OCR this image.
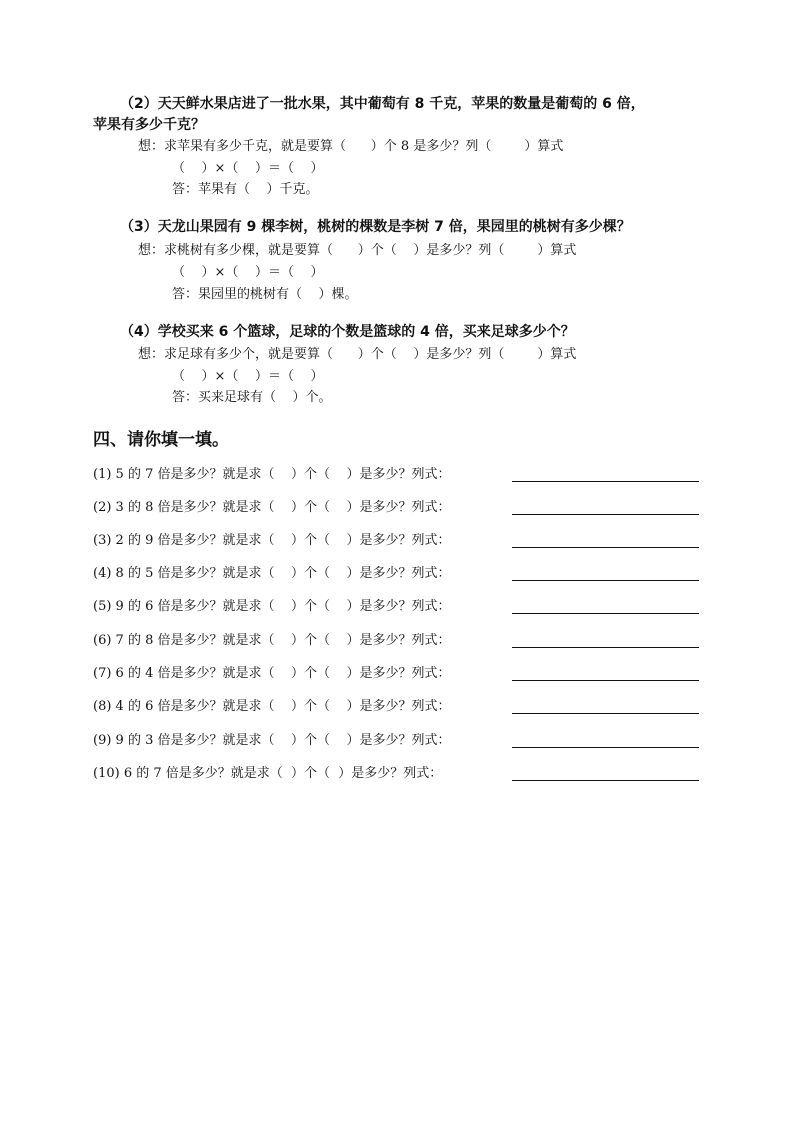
（2）天天鲜水果店进了一批水果，其中葡萄有 8 千克，苹果的数量是葡萄的 6 倍，
苹果有多少千克？
想：求苹果有多少千克，就是要算（      ）个 8 是多少？列（        ）算式
（    ）×（    ）＝（    ）
答：苹果有（    ）千克。
（3）天龙山果园有 9 棵李树，桃树的棵数是李树 7 倍，果园里的桃树有多少棵？
想：求桃树有多少棵，就是要算（      ）个（    ）是多少？列（        ）算式
（    ）×（    ）＝（    ）
答：果园里的桃树有（    ）棵。
（4）学校买来 6 个篮球，足球的个数是篮球的 4 倍，买来足球多少个？
想：求足球有多少个，就是要算（      ）个（    ）是多少？列（        ）算式
（    ）×（    ）＝（    ）
答：买来足球有（    ）个。
四、请你填一填。
(1) 5 的 7 倍是多少？就是求（    ）个（    ）是多少？列式：
(2) 3 的 8 倍是多少？就是求（    ）个（    ）是多少？列式：
(3) 2 的 9 倍是多少？就是求（    ）个（    ）是多少？列式：
(4) 8 的 5 倍是多少？就是求（    ）个（    ）是多少？列式：
(5) 9 的 6 倍是多少？就是求（    ）个（    ）是多少？列式：
(6) 7 的 8 倍是多少？就是求（    ）个（    ）是多少？列式：
(7) 6 的 4 倍是多少？就是求（    ）个（    ）是多少？列式：
(8) 4 的 6 倍是多少？就是求（    ）个（    ）是多少？列式：
(9) 9 的 3 倍是多少？就是求（    ）个（    ）是多少？列式：
(10) 6 的 7 倍是多少？就是求（  ）个（  ）是多少？列式：
